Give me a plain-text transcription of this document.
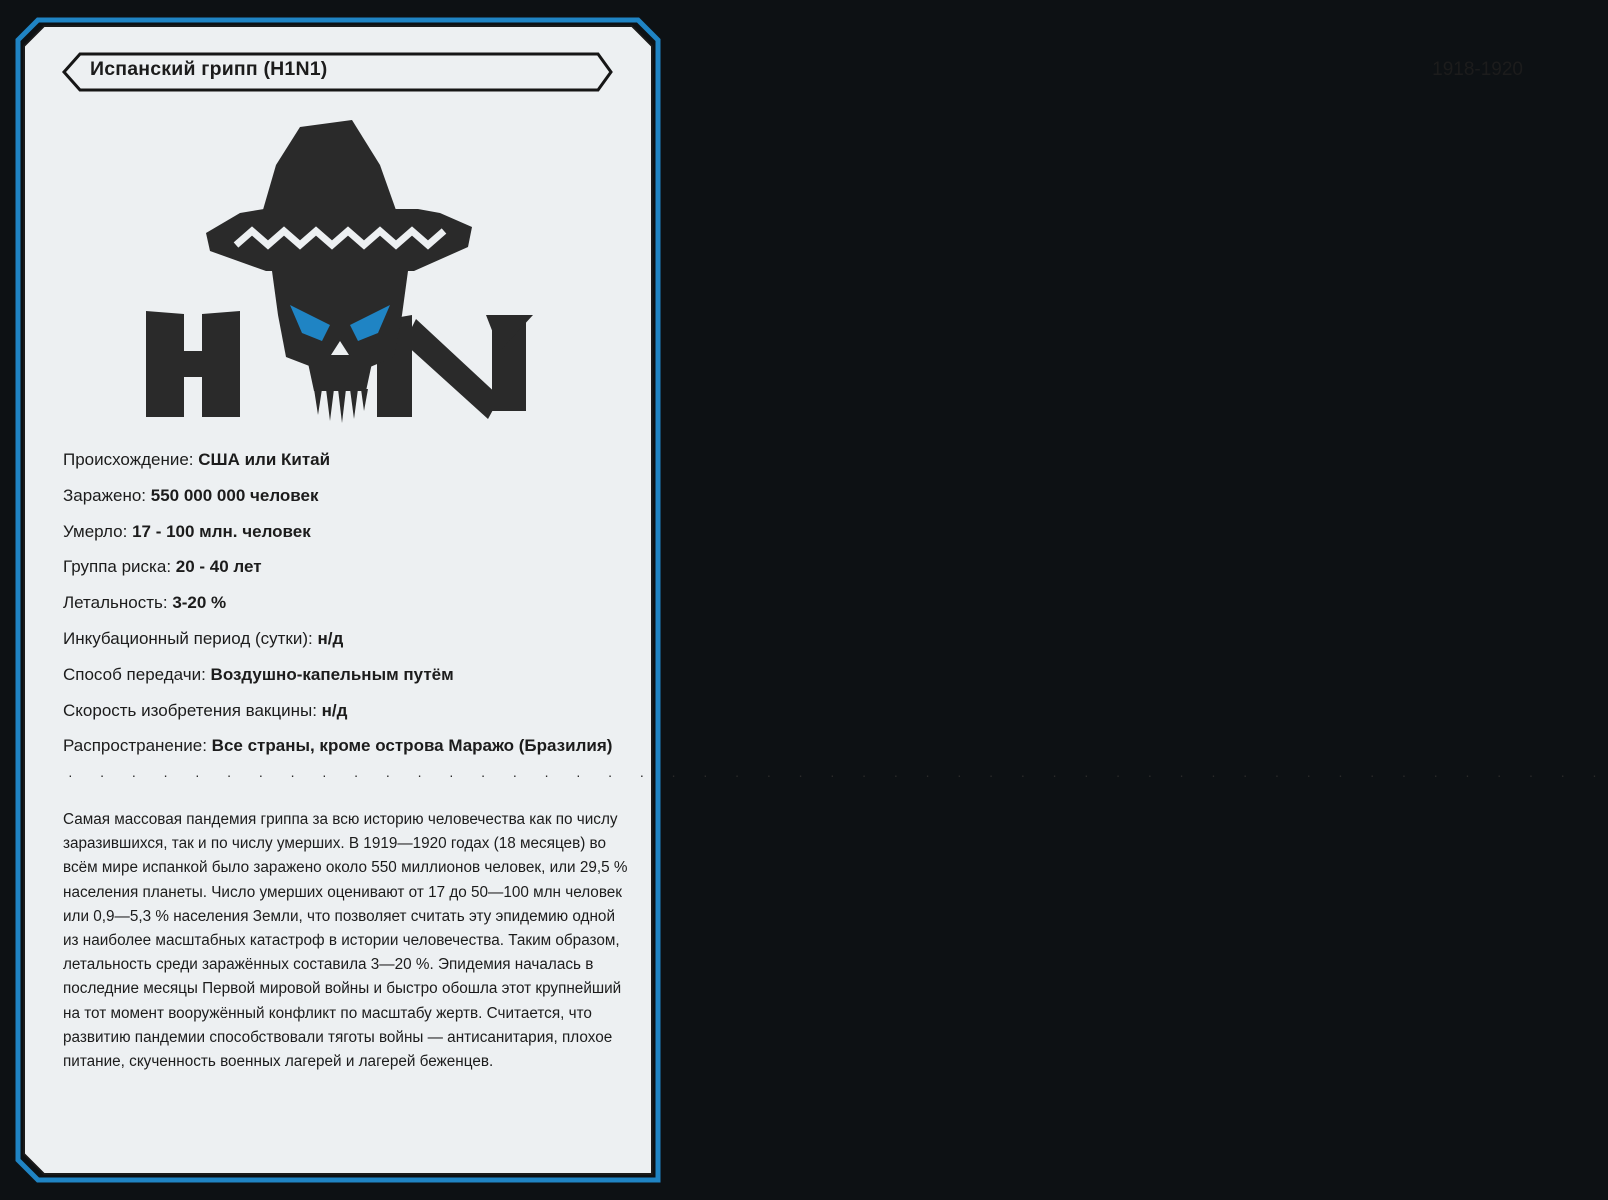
Испанский грипп (H1N1)	1918-1920
Происхождение: США или Китай
Заражено: 550 000 000 человек
Умерло: 17 - 100 млн. человек
Группа риска: 20 - 40 лет
Летальность: 3-20 %
Инкубационный период (сутки): н/д
Способ передачи: Воздушно-капельным путём
Скорость изобретения вакцины: н/д
Распространение: Все страны, кроме острова Маражо (Бразилия)
· · · · · · · · · · · · · · · · · · · · · · · · · · · · · · · · · · · · · · · · · · · · · · · · ·
Самая массовая пандемия гриппа за всю историю человечества как по числу заразившихся, так и по числу умерших. В 1919—1920 годах (18 месяцев) во всём мире испанкой было заражено около 550 миллионов человек, или 29,5 % населения планеты. Число умерших оценивают от 17 до 50—100 млн человек или 0,9—5,3 % населения Земли, что позволяет считать эту эпидемию одной из наиболее масштабных катастроф в истории человечества. Таким образом, летальность среди заражённых составила 3—20 %. Эпидемия началась в последние месяцы Первой мировой войны и быстро обошла этот крупнейший на тот момент вооружённый конфликт по масштабу жертв. Считается, что развитию пандемии способствовали тяготы войны — антисанитария, плохое питание, скученность военных лагерей и лагерей беженцев.
